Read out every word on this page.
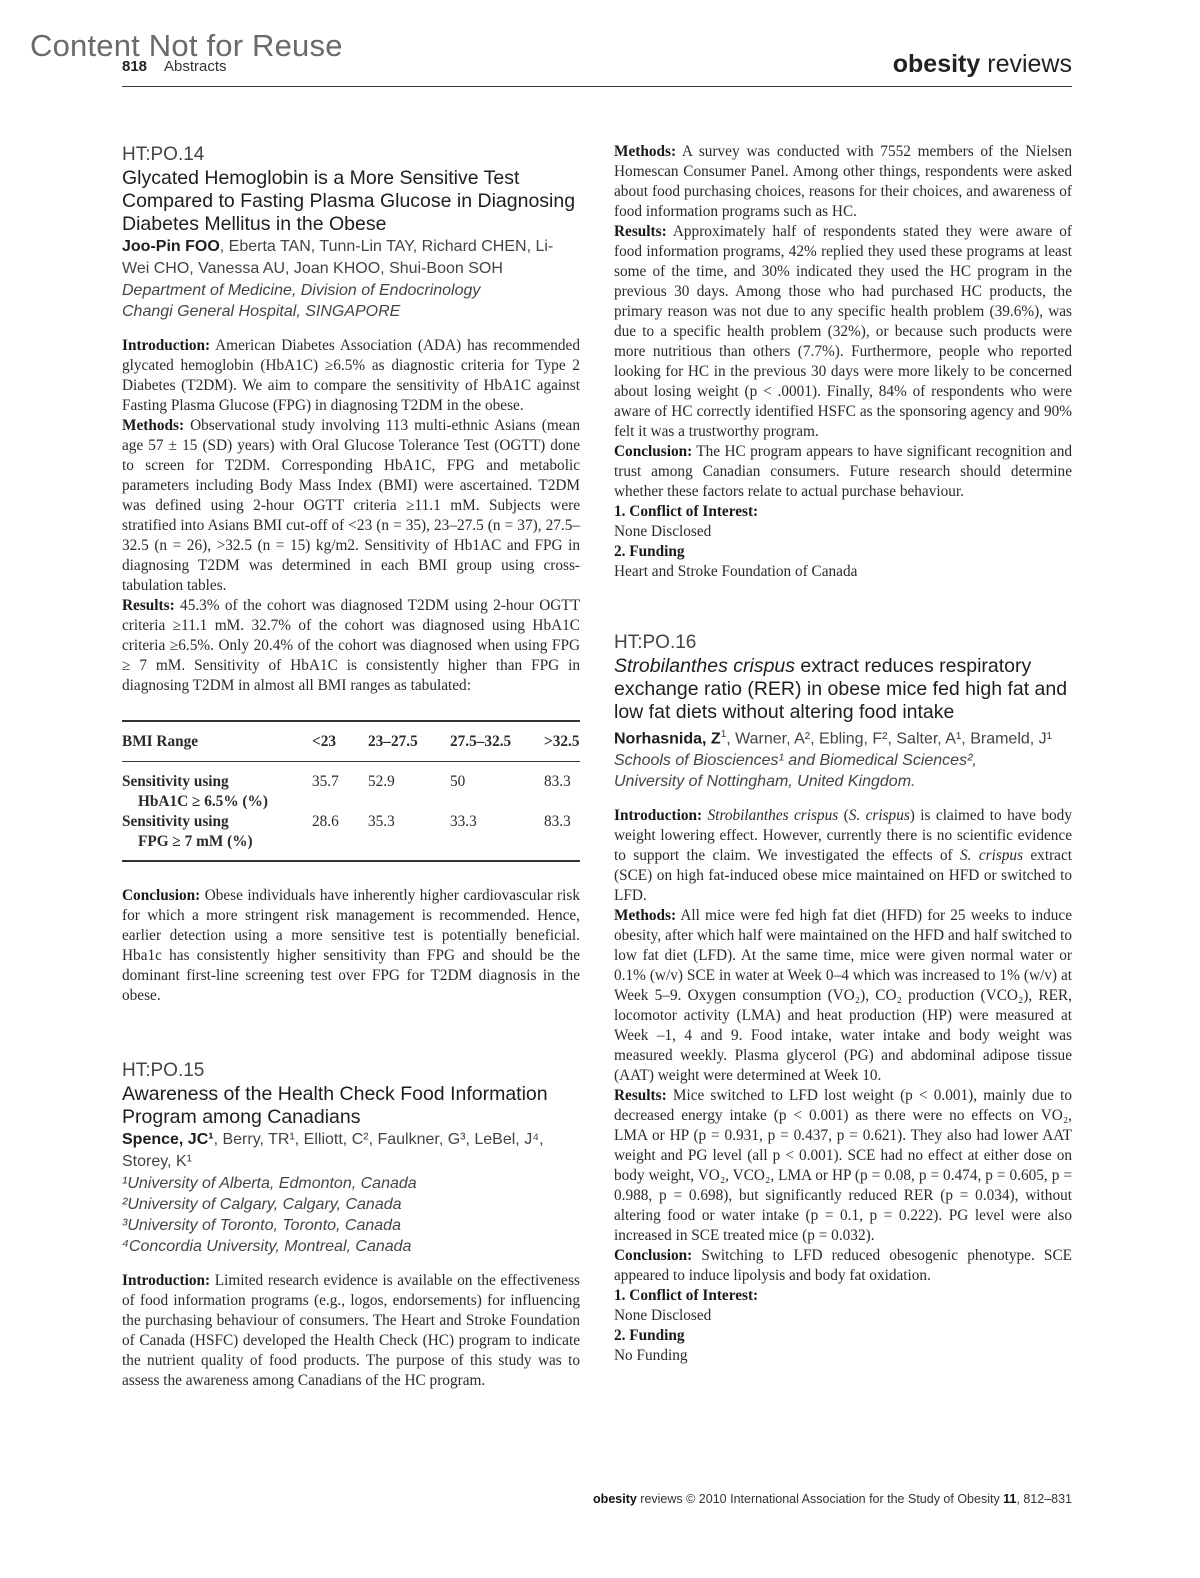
Content Not for Reuse
818 Abstracts	obesity reviews

HT:PO.14

Glycated Hemoglobin is a More Sensitive Test Compared to Fasting Plasma Glucose in Diagnosing Diabetes Mellitus in the Obese

Joo-Pin FOO, Eberta TAN, Tunn-Lin TAY, Richard CHEN, Li-Wei CHO, Vanessa AU, Joan KHOO, Shui-Boon SOH

Department of Medicine, Division of Endocrinology

Changi General Hospital, SINGAPORE

Introduction: American Diabetes Association (ADA) has recommended glycated hemoglobin (HbA1C) ≥6.5% as diagnostic criteria for Type 2 Diabetes (T2DM). We aim to compare the sensitivity of HbA1C against Fasting Plasma Glucose (FPG) in diagnosing T2DM in the obese.

Methods: Observational study involving 113 multi-ethnic Asians (mean age 57 ± 15 (SD) years) with Oral Glucose Tolerance Test (OGTT) done to screen for T2DM. Corresponding HbA1C, FPG and metabolic parameters including Body Mass Index (BMI) were ascertained. T2DM was defined using 2-hour OGTT criteria ≥11.1 mM. Subjects were stratified into Asians BMI cut-off of <23 (n = 35), 23–27.5 (n = 37), 27.5–32.5 (n = 26), >32.5 (n = 15) kg/m2. Sensitivity of Hb1AC and FPG in diagnosing T2DM was determined in each BMI group using cross-tabulation tables.

Results: 45.3% of the cohort was diagnosed T2DM using 2-hour OGTT criteria ≥11.1 mM. 32.7% of the cohort was diagnosed using HbA1C criteria ≥6.5%. Only 20.4% of the cohort was diagnosed when using FPG ≥ 7 mM. Sensitivity of HbA1C is consistently higher than FPG in diagnosing T2DM in almost all BMI ranges as tabulated:

BMI Range	<23	23–27.5	27.5–32.5	>32.5

Sensitivity using
HbA1C ≥ 6.5% (%)	35.7	52.9	50	83.3

Sensitivity using
FPG ≥ 7 mM (%)	28.6	35.3	33.3	83.3

Conclusion: Obese individuals have inherently higher cardiovascular risk for which a more stringent risk management is recommended. Hence, earlier detection using a more sensitive test is potentially beneficial. Hba1c has consistently higher sensitivity than FPG and should be the dominant first-line screening test over FPG for T2DM diagnosis in the obese.

HT:PO.15

Awareness of the Health Check Food Information Program among Canadians

Spence, JC¹, Berry, TR¹, Elliott, C², Faulkner, G³, LeBel, J⁴, Storey, K¹

¹University of Alberta, Edmonton, Canada

²University of Calgary, Calgary, Canada

³University of Toronto, Toronto, Canada

⁴Concordia University, Montreal, Canada

Introduction: Limited research evidence is available on the effectiveness of food information programs (e.g., logos, endorsements) for influencing the purchasing behaviour of consumers. The Heart and Stroke Foundation of Canada (HSFC) developed the Health Check (HC) program to indicate the nutrient quality of food products. The purpose of this study was to assess the awareness among Canadians of the HC program.

Methods: A survey was conducted with 7552 members of the Nielsen Homescan Consumer Panel. Among other things, respondents were asked about food purchasing choices, reasons for their choices, and awareness of food information programs such as HC.

Results: Approximately half of respondents stated they were aware of food information programs, 42% replied they used these programs at least some of the time, and 30% indicated they used the HC program in the previous 30 days. Among those who had purchased HC products, the primary reason was not due to any specific health problem (39.6%), was due to a specific health problem (32%), or because such products were more nutritious than others (7.7%). Furthermore, people who reported looking for HC in the previous 30 days were more likely to be concerned about losing weight (p < .0001). Finally, 84% of respondents who were aware of HC correctly identified HSFC as the sponsoring agency and 90% felt it was a trustworthy program.

Conclusion: The HC program appears to have significant recognition and trust among Canadian consumers. Future research should determine whether these factors relate to actual purchase behaviour.

1. Conflict of Interest:

None Disclosed

2. Funding

Heart and Stroke Foundation of Canada

HT:PO.16

Strobilanthes crispus extract reduces respiratory exchange ratio (RER) in obese mice fed high fat and low fat diets without altering food intake

Norhasnida, $Z^1$, Warner, A², Ebling, F², Salter, A¹, Brameld, J¹

Schools of Biosciences¹ and Biomedical Sciences²,

University of Nottingham, United Kingdom.

Introduction: Strobilanthes crispus (S. crispus) is claimed to have body weight lowering effect. However, currently there is no scientific evidence to support the claim. We investigated the effects of S. crispus extract (SCE) on high fat-induced obese mice maintained on HFD or switched to LFD.

Methods: All mice were fed high fat diet (HFD) for 25 weeks to induce obesity, after which half were maintained on the HFD and half switched to low fat diet (LFD). At the same time, mice were given normal water or 0.1% (w/v) SCE in water at Week 0–4 which was increased to 1% (w/v) at Week 5–9. Oxygen consumption (VO₂), CO₂ production (VCO₂), RER, locomotor activity (LMA) and heat production (HP) were measured at Week –1, 4 and 9. Food intake, water intake and body weight was measured weekly. Plasma glycerol (PG) and abdominal adipose tissue (AAT) weight were determined at Week 10.

Results: Mice switched to LFD lost weight (p < 0.001), mainly due to decreased energy intake (p < 0.001) as there were no effects on VO₂, LMA or HP (p = 0.931, p = 0.437, p = 0.621). They also had lower AAT weight and PG level (all p < 0.001). SCE had no effect at either dose on body weight, VO₂, VCO₂, LMA or HP (p = 0.08, p = 0.474, p = 0.605, p = 0.988, p = 0.698), but significantly reduced RER (p = 0.034), without altering food or water intake (p = 0.1, p = 0.222). PG level were also increased in SCE treated mice (p = 0.032).

Conclusion: Switching to LFD reduced obesogenic phenotype. SCE appeared to induce lipolysis and body fat oxidation.

1. Conflict of Interest:

None Disclosed

2. Funding

No Funding

obesity reviews © 2010 International Association for the Study of Obesity 11, 812–831
